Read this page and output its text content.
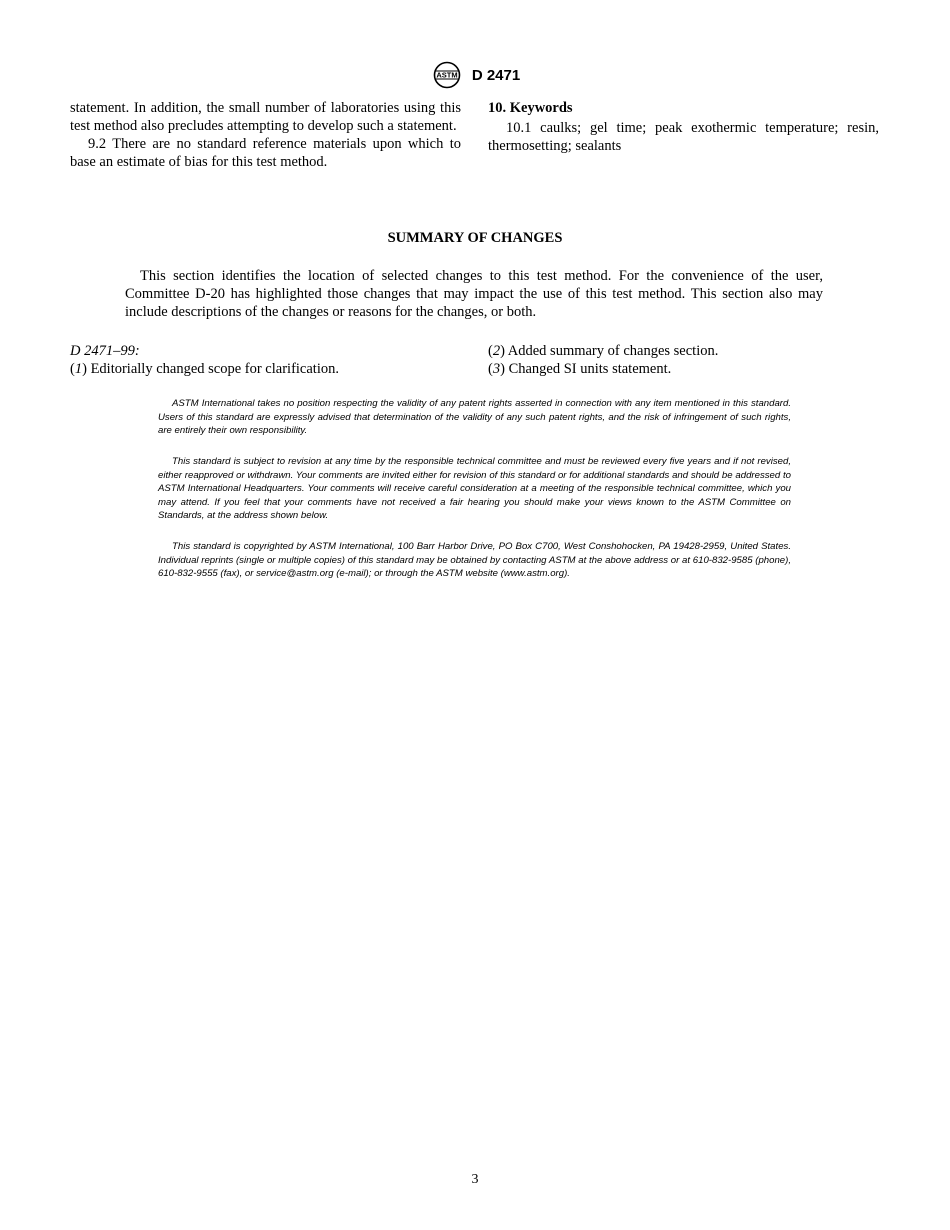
ASTM D 2471

statement. In addition, the small number of laboratories using this test method also precludes attempting to develop such a statement.

9.2 There are no standard reference materials upon which to base an estimate of bias for this test method.

10. Keywords

10.1 caulks; gel time; peak exothermic temperature; resin, thermosetting; sealants

SUMMARY OF CHANGES

This section identifies the location of selected changes to this test method. For the convenience of the user, Committee D-20 has highlighted those changes that may impact the use of this test method. This section also may include descriptions of the changes or reasons for the changes, or both.

D 2471–99:
(1) Editorially changed scope for clarification.
(2) Added summary of changes section.
(3) Changed SI units statement.

ASTM International takes no position respecting the validity of any patent rights asserted in connection with any item mentioned in this standard. Users of this standard are expressly advised that determination of the validity of any such patent rights, and the risk of infringement of such rights, are entirely their own responsibility.

This standard is subject to revision at any time by the responsible technical committee and must be reviewed every five years and if not revised, either reapproved or withdrawn. Your comments are invited either for revision of this standard or for additional standards and should be addressed to ASTM International Headquarters. Your comments will receive careful consideration at a meeting of the responsible technical committee, which you may attend. If you feel that your comments have not received a fair hearing you should make your views known to the ASTM Committee on Standards, at the address shown below.

This standard is copyrighted by ASTM International, 100 Barr Harbor Drive, PO Box C700, West Conshohocken, PA 19428-2959, United States. Individual reprints (single or multiple copies) of this standard may be obtained by contacting ASTM at the above address or at 610-832-9585 (phone), 610-832-9555 (fax), or service@astm.org (e-mail); or through the ASTM website (www.astm.org).

3
